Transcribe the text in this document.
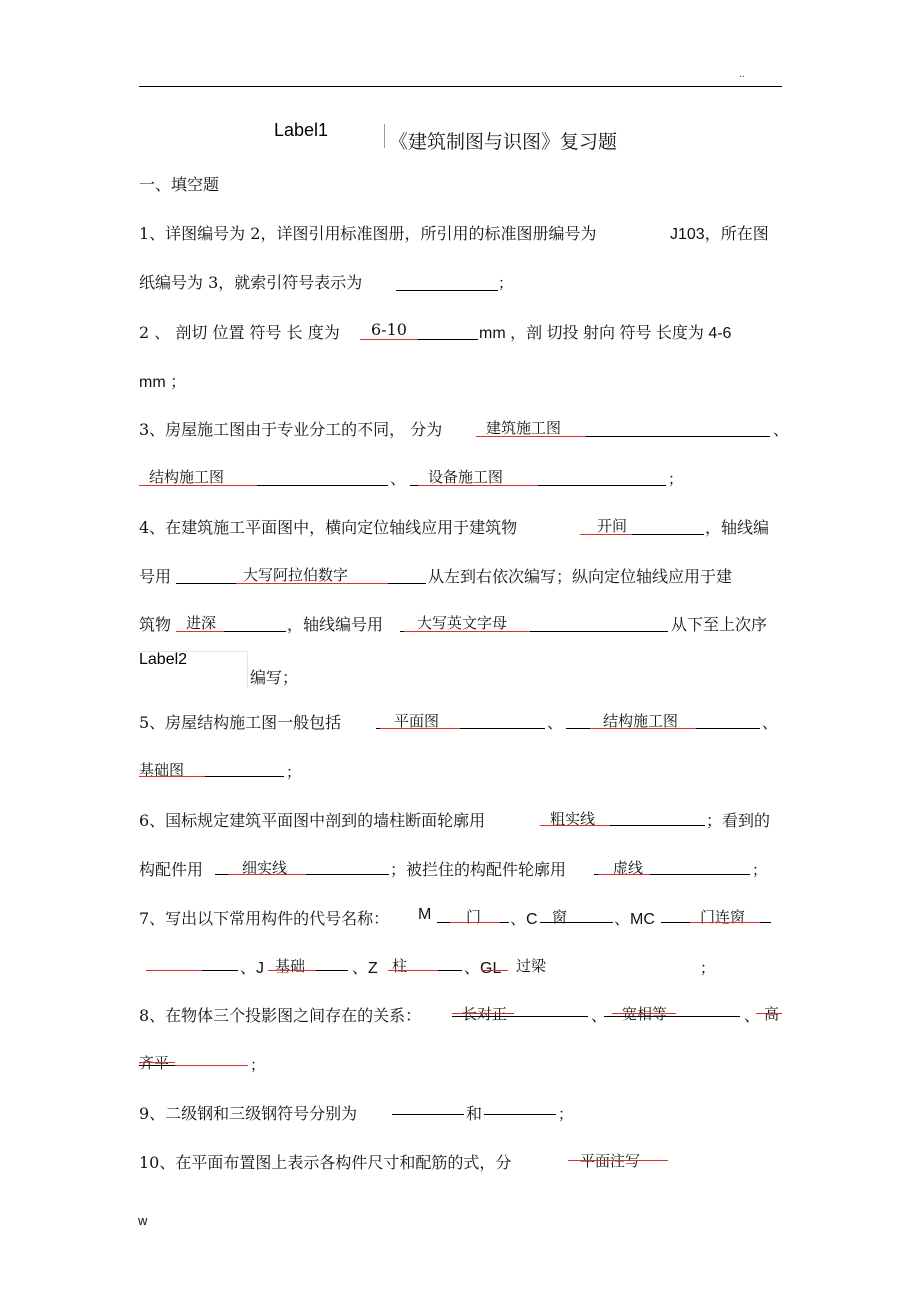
..
Label1
《建筑制图与识图》复习题
一、填空题
1、详图编号为 2，详图引用标准图册，所引用的标准图册编号为	J103，所在图
纸编号为 3，就索引符号表示为	；
2 、 剖切 位置 符号 长 度为 6-10	mm ，剖 切投 射向 符号 长度为 4-6
mm ；
3、房屋施工图由于专业分工的不同， 分为	建筑施工图	、
结构施工图	、 设备施工图	；
4、在建筑施工平面图中，横向定位轴线应用于建筑物	开间	，轴线编
号用	大写阿拉伯数字	从左到右依次编写；纵向定位轴线应用于建
筑物 进深	，轴线编号用 大写英文字母	从下至上次序
Label2
编写；
5、房屋结构施工图一般包括	平面图	、	结构施工图	、
基础图	；
6、国标规定建筑平面图中剖到的墙柱断面轮廓用	粗实线	；看到的
构配件用	细实线	；被拦住的构配件轮廓用	虚线	；
7、写出以下常用构件的代号名称： M 门 、C 窗	、MC	门连窗
、J 基础	、Z 柱	、GL 过梁	；
8、在物体三个投影图之间存在的关系：	长对正	、 宽相等	、 高
齐平	；
9、二级钢和三级钢符号分别为	和	；
10、在平面布置图上表示各构件尺寸和配筋的式，分	平面注写
w
